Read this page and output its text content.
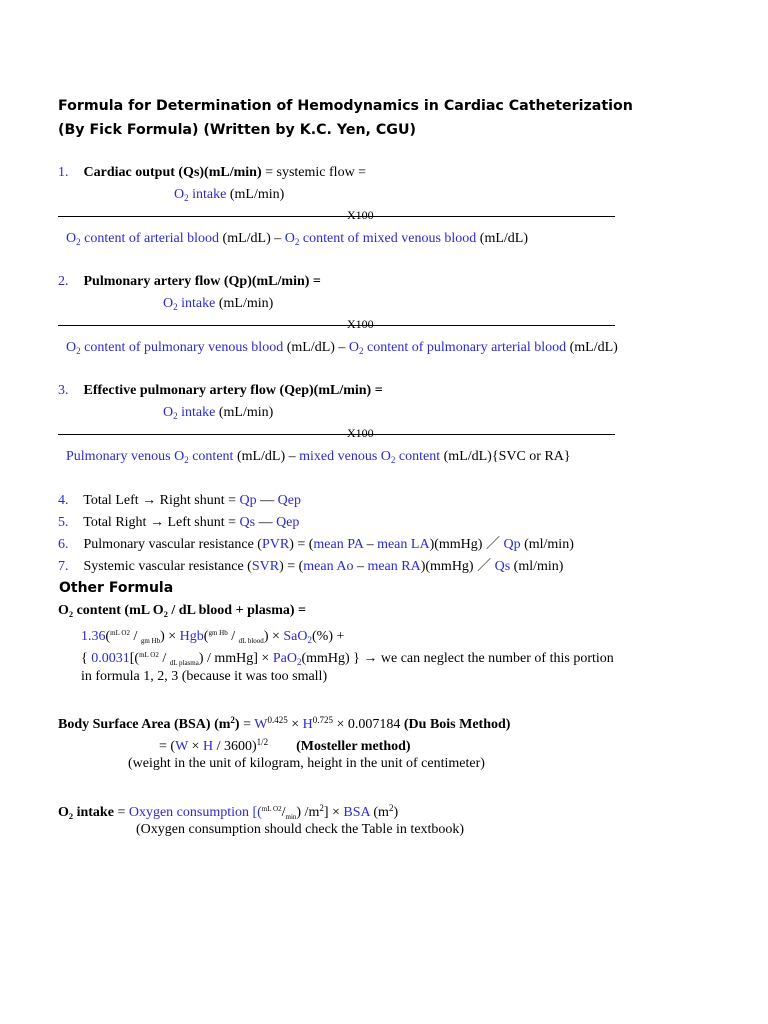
Formula for Determination of Hemodynamics in Cardiac Catheterization
(By Fick Formula) (Written by K.C. Yen, CGU)
1. Cardiac output (Qs)(mL/min) = systemic flow =
$O_2$ intake (mL/min)
X100
$O_2$ content of arterial blood $(mL/dL) - O_2$ content of mixed venous blood (mL/dL)
2. Pulmonary artery flow (Qp)(mL/min) =
$O_2$ intake (mL/min)
X100
$O_2$ content of pulmonary venous blood $(mL/dL) - O_2$ content of pulmonary arterial blood (mL/dL)
3. Effective pulmonary artery flow (Qep)(mL/min) =
$O_2$ intake (mL/min)
X100
Pulmonary venous $O_2$ content (mL/dL) – mixed venous $O_2$ content (mL/dL){SVC or RA}
4. Total Left → Right shunt = Qp — Qep
5. Total Right → Left shunt = Qs — Qep
6. Pulmonary vascular resistance (PVR) = (mean PA – mean LA)(mmHg) ／ Qp (ml/min)
7. Systemic vascular resistance (SVR) = (mean Ao – mean RA)(mmHg) ／ Qs (ml/min)
Other Formula
O₂ content (mL O₂ / dL blood + plasma) =
1.36($^{mL O2}$ / $_{gm Hb}$) × Hgb($^{gm Hb}$ / $_{dL blood}$) × SaO$_2$(%) +
{ 0.0031[($^{mL O2}$ / $_{dL plasma}$) / mmHg] × PaO$_2$(mmHg) } → we can neglect the number of this portion
in formula 1, 2, 3 (because it was too small)
Body Surface Area (BSA) $(m^2) = W^{0.425} \times H^{0.725} \times 0.007184$ (Du Bois Method)
= $(W \times H / 3600)^{1/2}$ (Mosteller method)
(weight in the unit of kilogram, height in the unit of centimeter)
O₂ intake = Oxygen consumption $[(^{mL O2}/_{min}) /m^2]$ × BSA $(m^2)$
(Oxygen consumption should check the Table in textbook)
